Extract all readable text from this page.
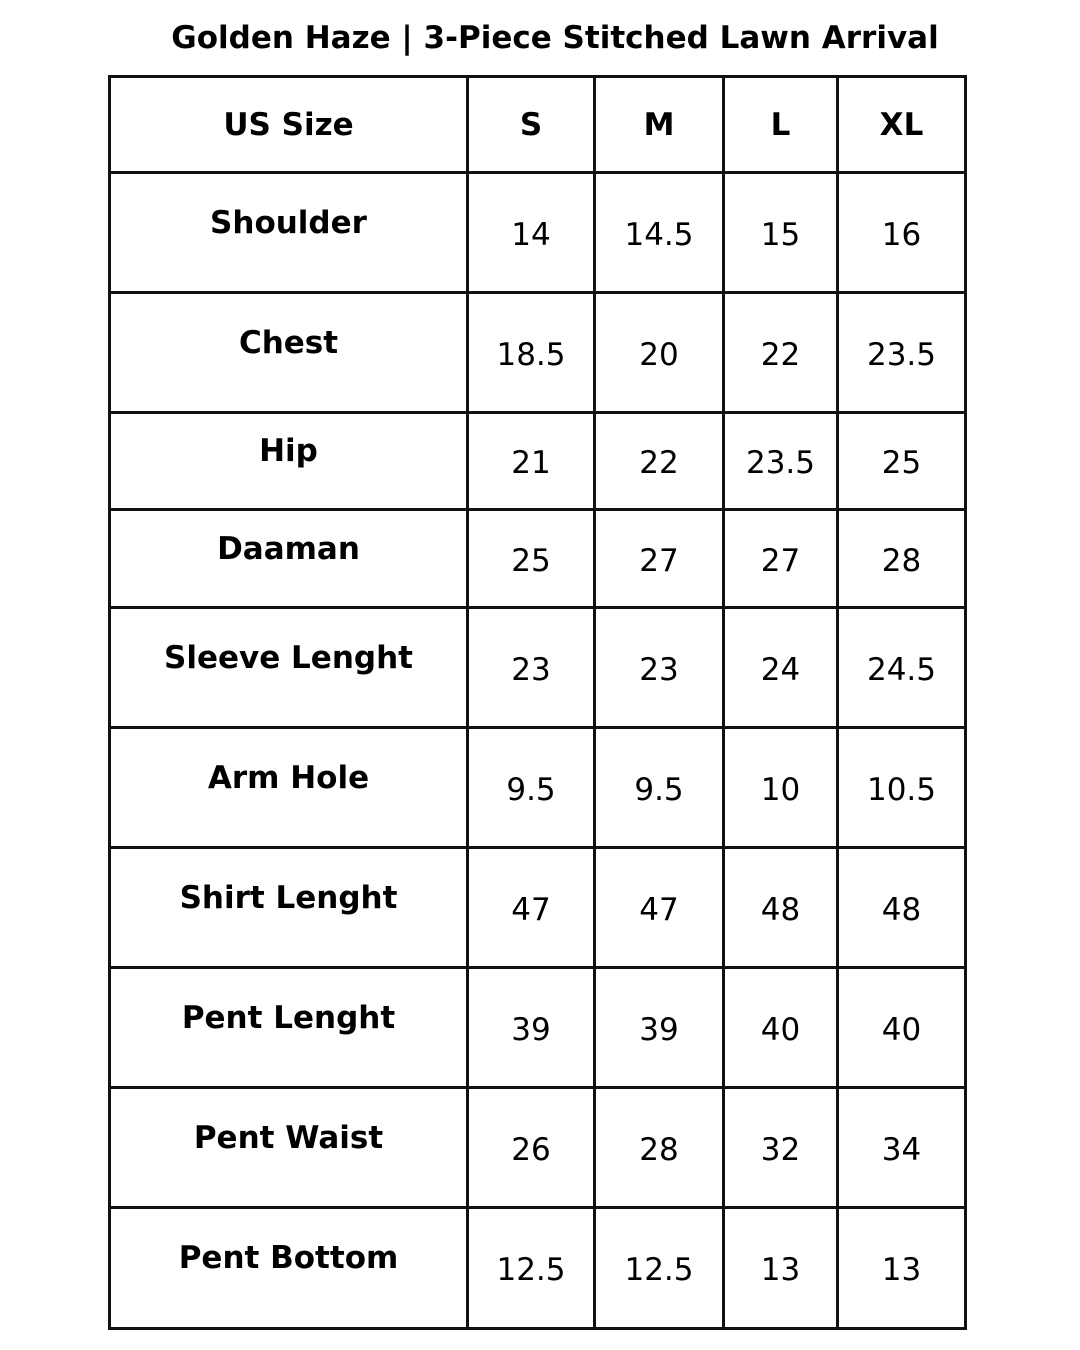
Golden Haze | 3-Piece Stitched Lawn Arrival
US Size	S	M	L	XL
Shoulder	14	14.5	15	16
Chest	18.5	20	22	23.5
Hip	21	22	23.5	25
Daaman	25	27	27	28
Sleeve Lenght	23	23	24	24.5
Arm Hole	9.5	9.5	10	10.5
Shirt Lenght	47	47	48	48
Pent Lenght	39	39	40	40
Pent Waist	26	28	32	34
Pent Bottom	12.5	12.5	13	13
